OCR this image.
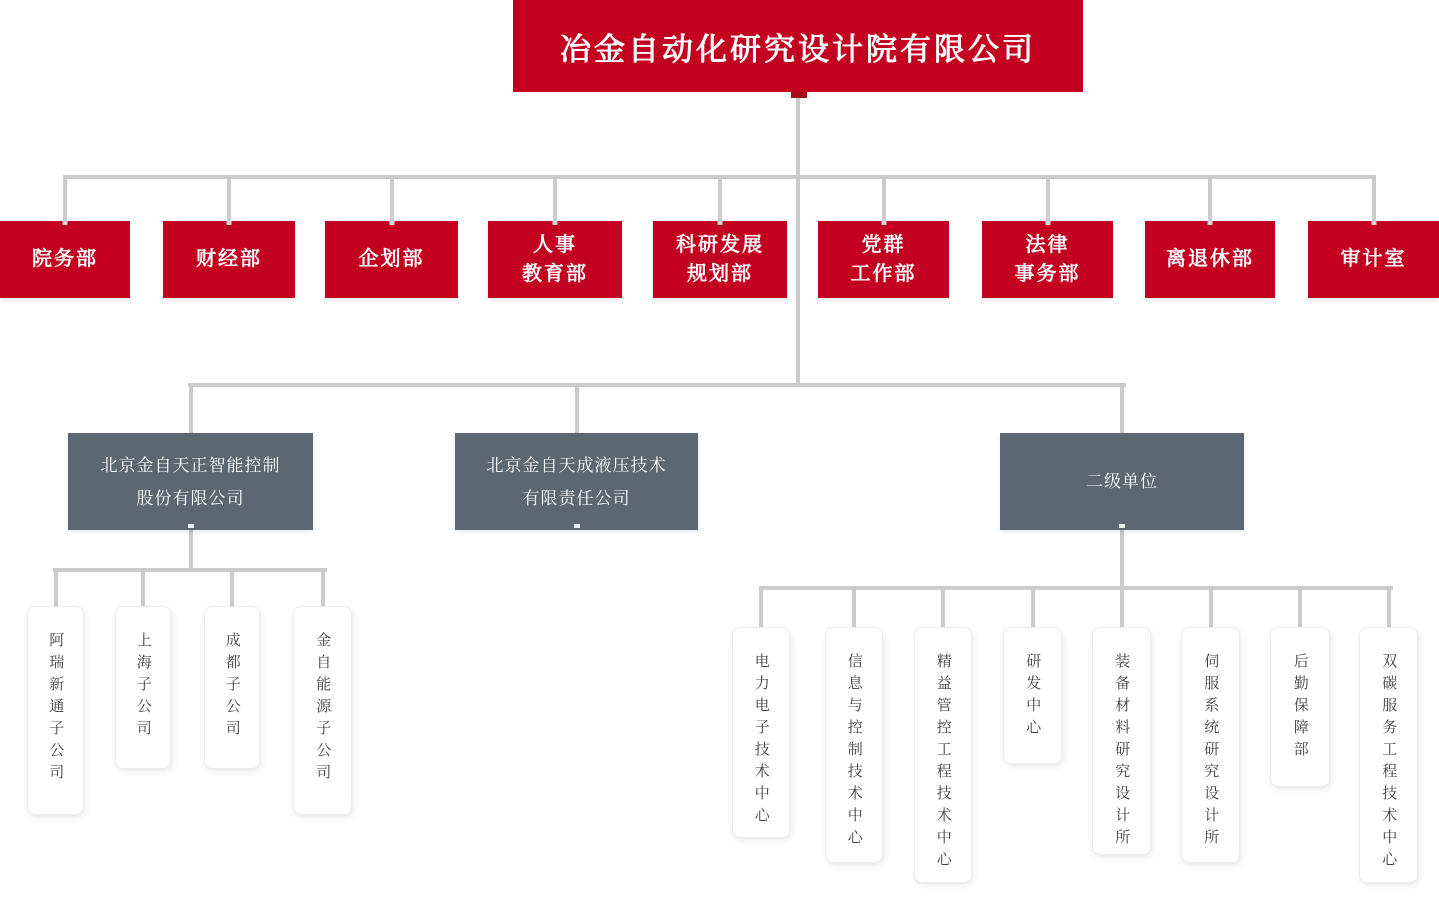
冶金自动化研究设计院有限公司
院务部	财经部	企划部
人事
教育部
科研发展
规划部
党群
工作部
法律
事务部
离退休部	审计室
北京金自天正智能控制
股份有限公司
北京金自天成液压技术
有限责任公司
二级单位
阿瑞新通子公司	上海子公司	成都子公司	金自能源子公司	电力电子技术中心	信息与控制技术中心	精益管控工程技术中心	研发中心	装备材料研究设计所	伺服系统研究设计所	后勤保障部	双碳服务工程技术中心
